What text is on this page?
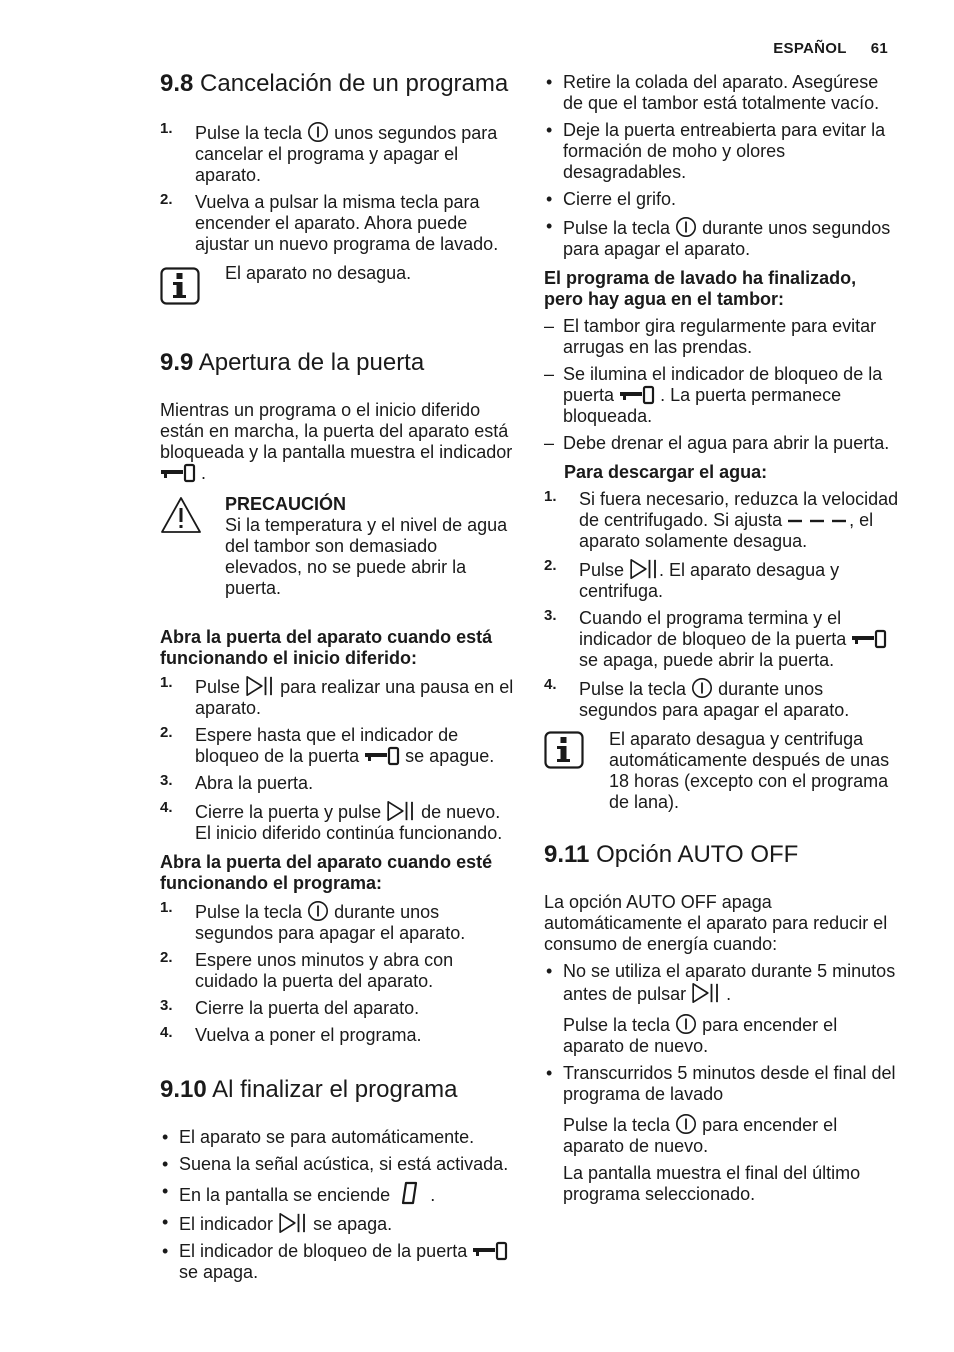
ESPAÑOL 61
9.8 Cancelación de un programa
1. Pulse la tecla unos segundos para cancelar el programa y apagar el aparato.
2. Vuelva a pulsar la misma tecla para encender el aparato. Ahora puede ajustar un nuevo programa de lavado.
El aparato no desagua.
9.9 Apertura de la puerta

Mientras un programa o el inicio diferido están en marcha, la puerta del aparato está bloqueada y la pantalla muestra el indicador  .

PRECAUCIÓN
Si la temperatura y el nivel de agua del tambor son demasiado elevados, no se puede abrir la puerta.
Abra la puerta del aparato cuando está funcionando el inicio diferido:
1. Pulse para realizar una pausa en el aparato.
2. Espere hasta que el indicador de bloqueo de la puerta	se apague.
3. Abra la puerta.
4. Cierre la puerta y pulse de nuevo. El inicio diferido continúa funcionando.
Abra la puerta del aparato cuando esté funcionando el programa:
1. Pulse la tecla durante unos segundos para apagar el aparato.
2. Espere unos minutos y abra con cuidado la puerta del aparato.
3. Cierre la puerta del aparato.
4. Vuelva a poner el programa.
9.10 Al finalizar el programa
• El aparato se para automáticamente.
• Suena la señal acústica, si está activada.
• En la pantalla se enciende .
• El indicador se apaga.
• El indicador de bloqueo de la puerta  se apaga.
• Retire la colada del aparato. Asegúrese de que el tambor está totalmente vacío.
• Deje la puerta entreabierta para evitar la formación de moho y olores desagradables.
• Cierre el grifo.
• Pulse la tecla durante unos segundos para apagar el aparato.
El programa de lavado ha finalizado, pero hay agua en el tambor:
– El tambor gira regularmente para evitar arrugas en las prendas.
– Se ilumina el indicador de bloqueo de la puerta	. La puerta permanece bloqueada.
– Debe drenar el agua para abrir la puerta.
Para descargar el agua:
1. Si fuera necesario, reduzca la velocidad de centrifugado. Si ajusta	, el aparato solamente desagua.
2. Pulse . El aparato desagua y centrifuga.
3. Cuando el programa termina y el indicador de bloqueo de la puerta  se apaga, puede abrir la puerta.
4. Pulse la tecla durante unos segundos para apagar el aparato.
El aparato desagua y centrifuga automáticamente después de unas 18 horas (excepto con el programa de lana).
9.11 Opción AUTO OFF

La opción AUTO OFF apaga automáticamente el aparato para reducir el consumo de energía cuando:

• No se utiliza el aparato durante 5 minutos antes de pulsar .

Pulse la tecla para encender el aparato de nuevo.

• Transcurridos 5 minutos desde el final del programa de lavado

Pulse la tecla para encender el aparato de nuevo.

La pantalla muestra el final del último programa seleccionado.
